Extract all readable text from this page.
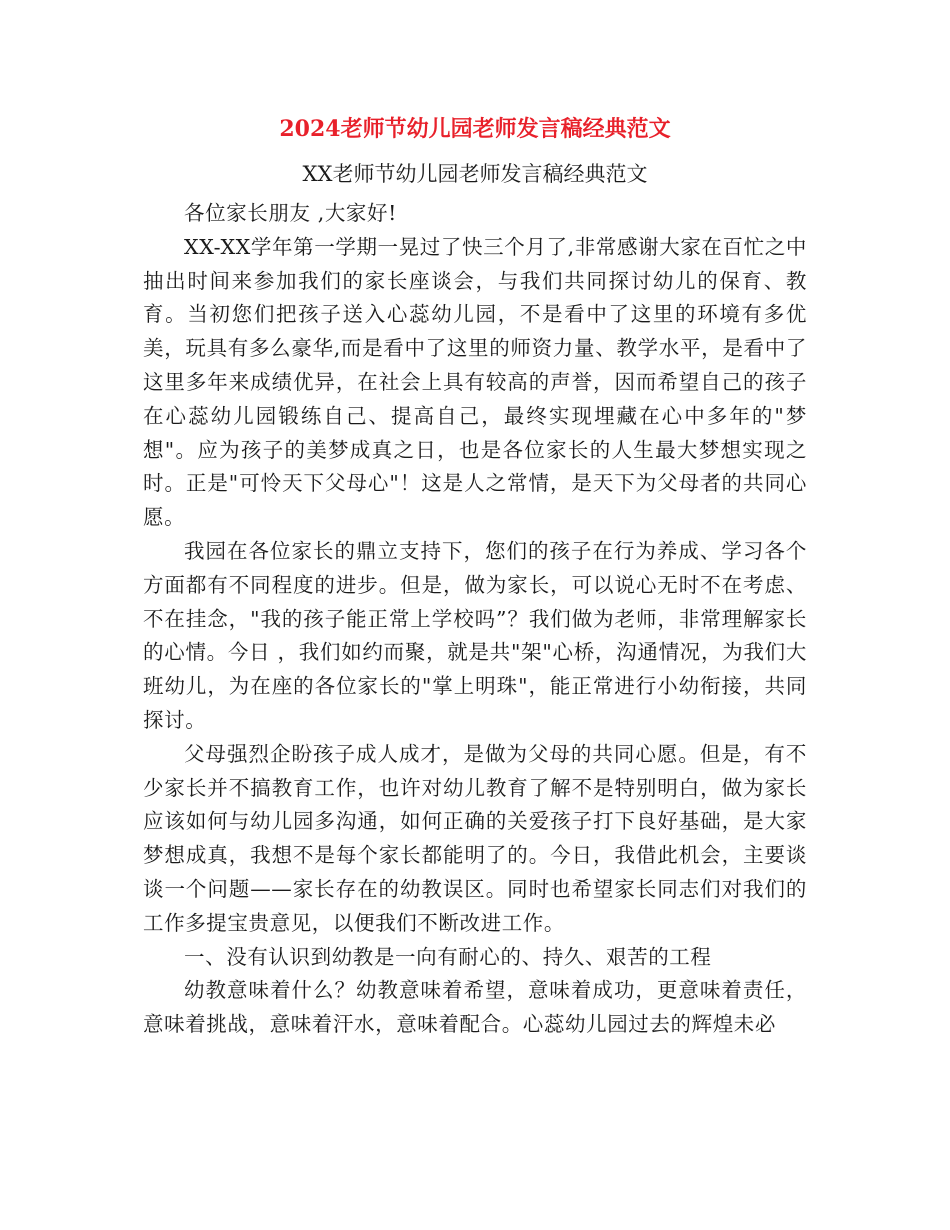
2024老师节幼儿园老师发言稿经典范文
XX老师节幼儿园老师发言稿经典范文

各位家长朋友 ,大家好!

XX-XX学年第一学期一晃过了快三个月了,非常感谢大家在百忙之中抽出时间来参加我们的家长座谈会，与我们共同探讨幼儿的保育、教育。当初您们把孩子送入心蕊幼儿园，不是看中了这里的环境有多优美，玩具有多么豪华,而是看中了这里的师资力量、教学水平，是看中了这里多年来成绩优异，在社会上具有较高的声誉，因而希望自己的孩子在心蕊幼儿园锻练自己、提高自己，最终实现埋藏在心中多年的"梦想"。应为孩子的美梦成真之日，也是各位家长的人生最大梦想实现之时。正是"可怜天下父母心"！这是人之常情，是天下为父母者的共同心愿。

我园在各位家长的鼎立支持下，您们的孩子在行为养成、学习各个方面都有不同程度的进步。但是，做为家长，可以说心无时不在考虑、不在挂念，"我的孩子能正常上学校吗”？我们做为老师，非常理解家长的心情。今日 ，我们如约而聚，就是共"架"心桥，沟通情况，为我们大班幼儿，为在座的各位家长的"掌上明珠"，能正常进行小幼衔接，共同探讨。

父母强烈企盼孩子成人成才，是做为父母的共同心愿。但是，有不少家长并不搞教育工作，也许对幼儿教育了解不是特别明白，做为家长应该如何与幼儿园多沟通，如何正确的关爱孩子打下良好基础，是大家梦想成真，我想不是每个家长都能明了的。今日，我借此机会，主要谈谈一个问题——家长存在的幼教误区。同时也希望家长同志们对我们的工作多提宝贵意见，以便我们不断改进工作。

一、没有认识到幼教是一向有耐心的、持久、艰苦的工程

幼教意味着什么？幼教意味着希望，意味着成功，更意味着责任，意味着挑战，意味着汗水，意味着配合。心蕊幼儿园过去的辉煌未必
